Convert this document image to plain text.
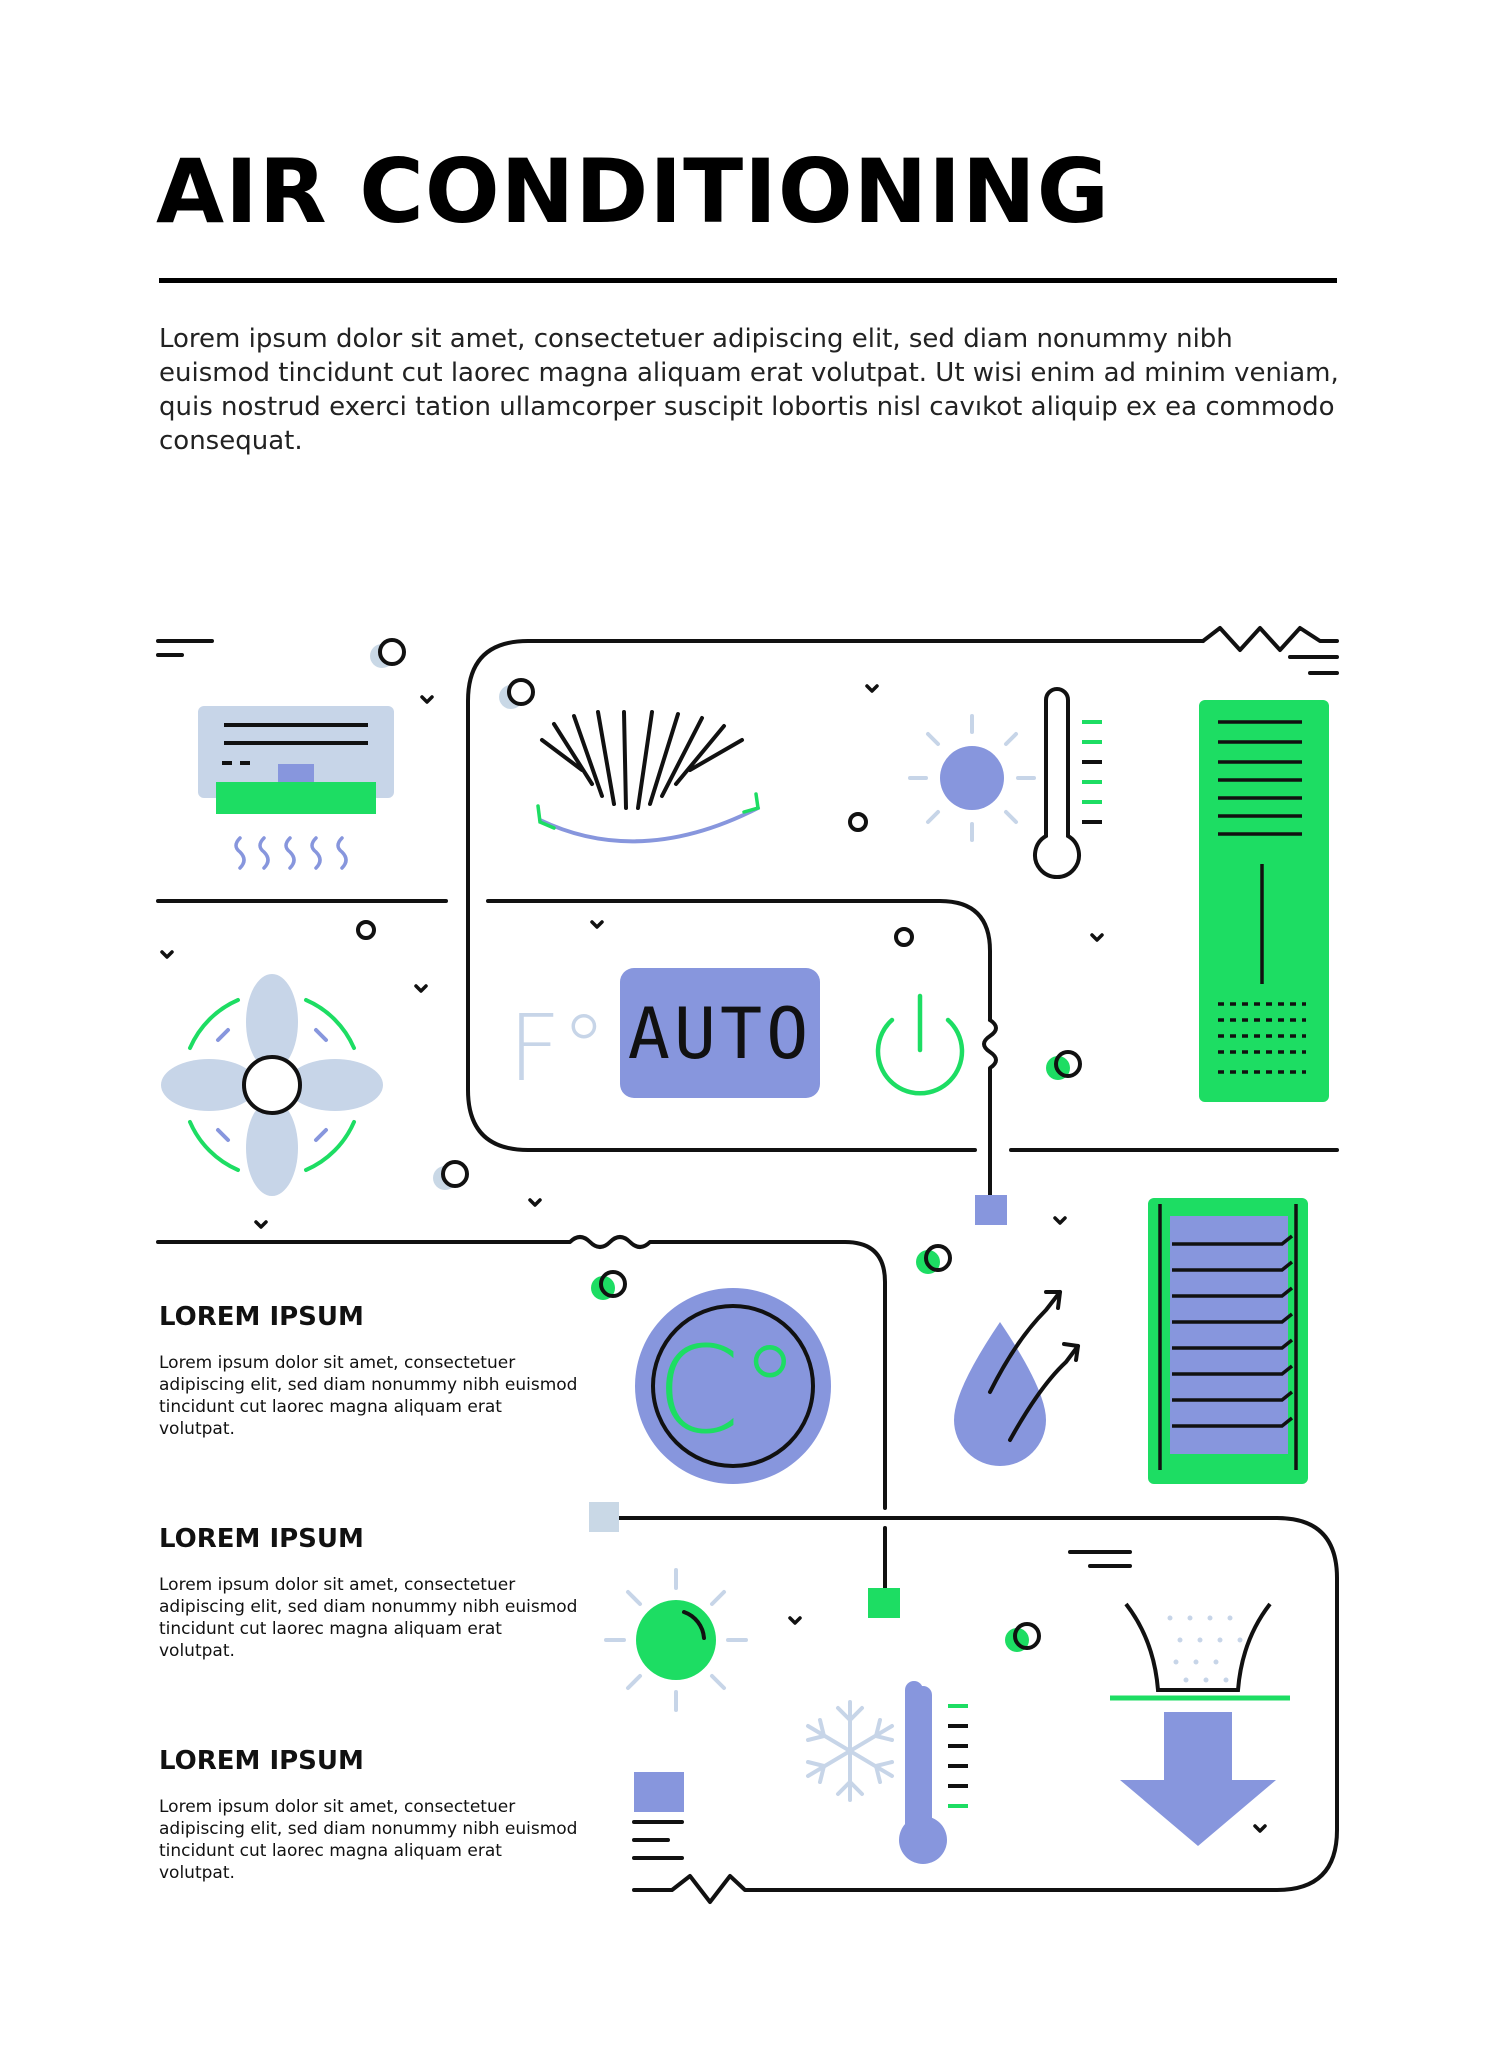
AIR CONDITIONING

Lorem ipsum dolor sit amet, consectetuer adipiscing elit, sed diam nonummy nibh euismod tincidunt cut laorec magna aliquam erat volutpat. Ut wisi enim ad minim veniam, quis nostrud exerci tation ullamcorper suscipit lobortis nisl cavıkot aliquip ex ea commodo consequat.

LOREM IPSUM

Lorem ipsum dolor sit amet, consectetuer adipiscing elit, sed diam nonummy nibh euismod tincidunt cut laorec magna aliquam erat volutpat.

LOREM IPSUM

Lorem ipsum dolor sit amet, consectetuer adipiscing elit, sed diam nonummy nibh euismod tincidunt cut laorec magna aliquam erat volutpat.

LOREM IPSUM

Lorem ipsum dolor sit amet, consectetuer adipiscing elit, sed diam nonummy nibh euismod tincidunt cut laorec magna aliquam erat volutpat.

F° AUTO
C°
